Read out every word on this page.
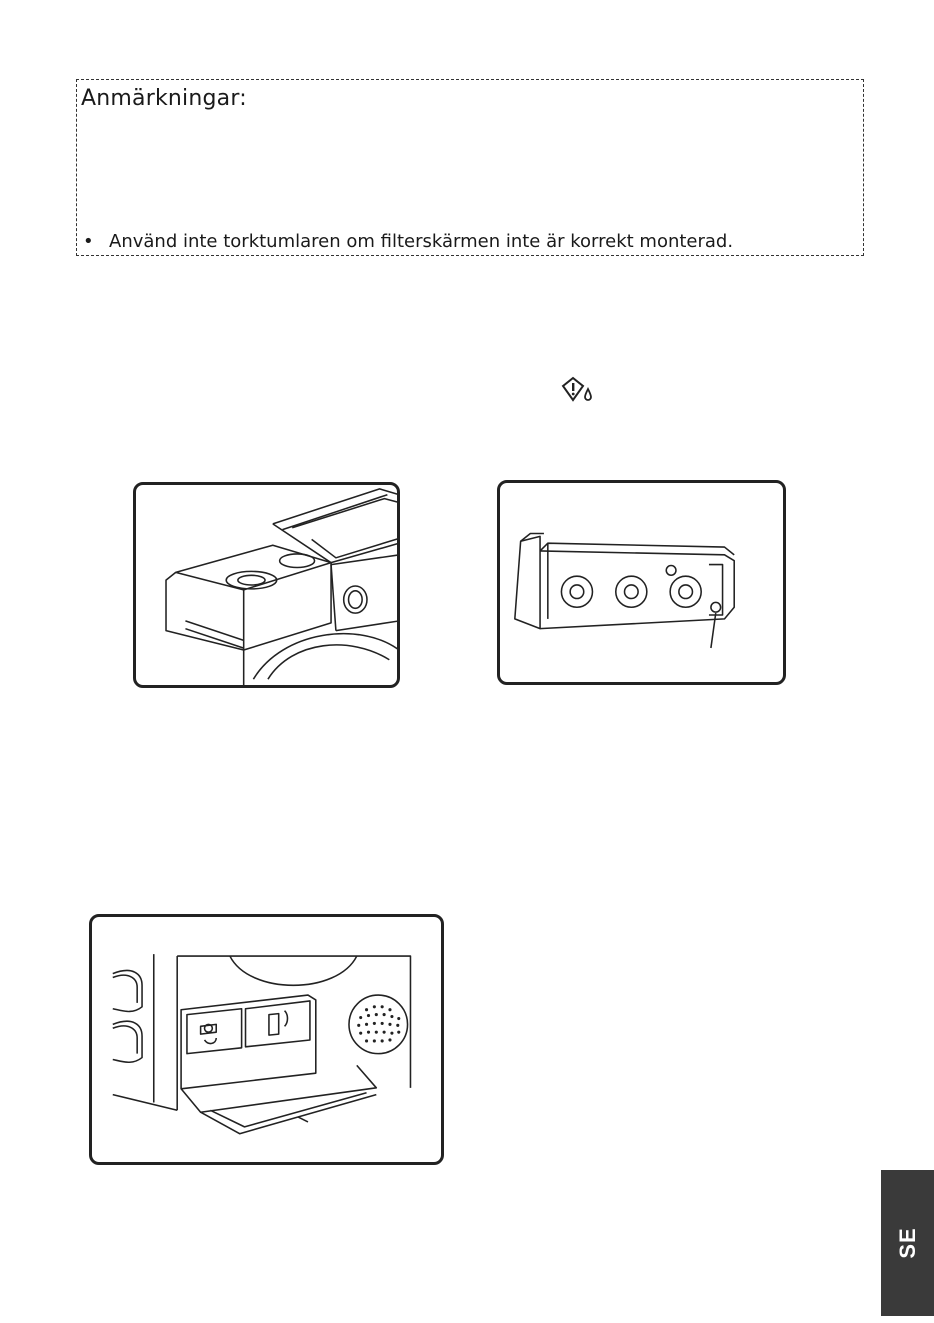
Anmärkningar:

• Använd inte torktumlaren om filterskärmen inte är korrekt monterad.

SE
